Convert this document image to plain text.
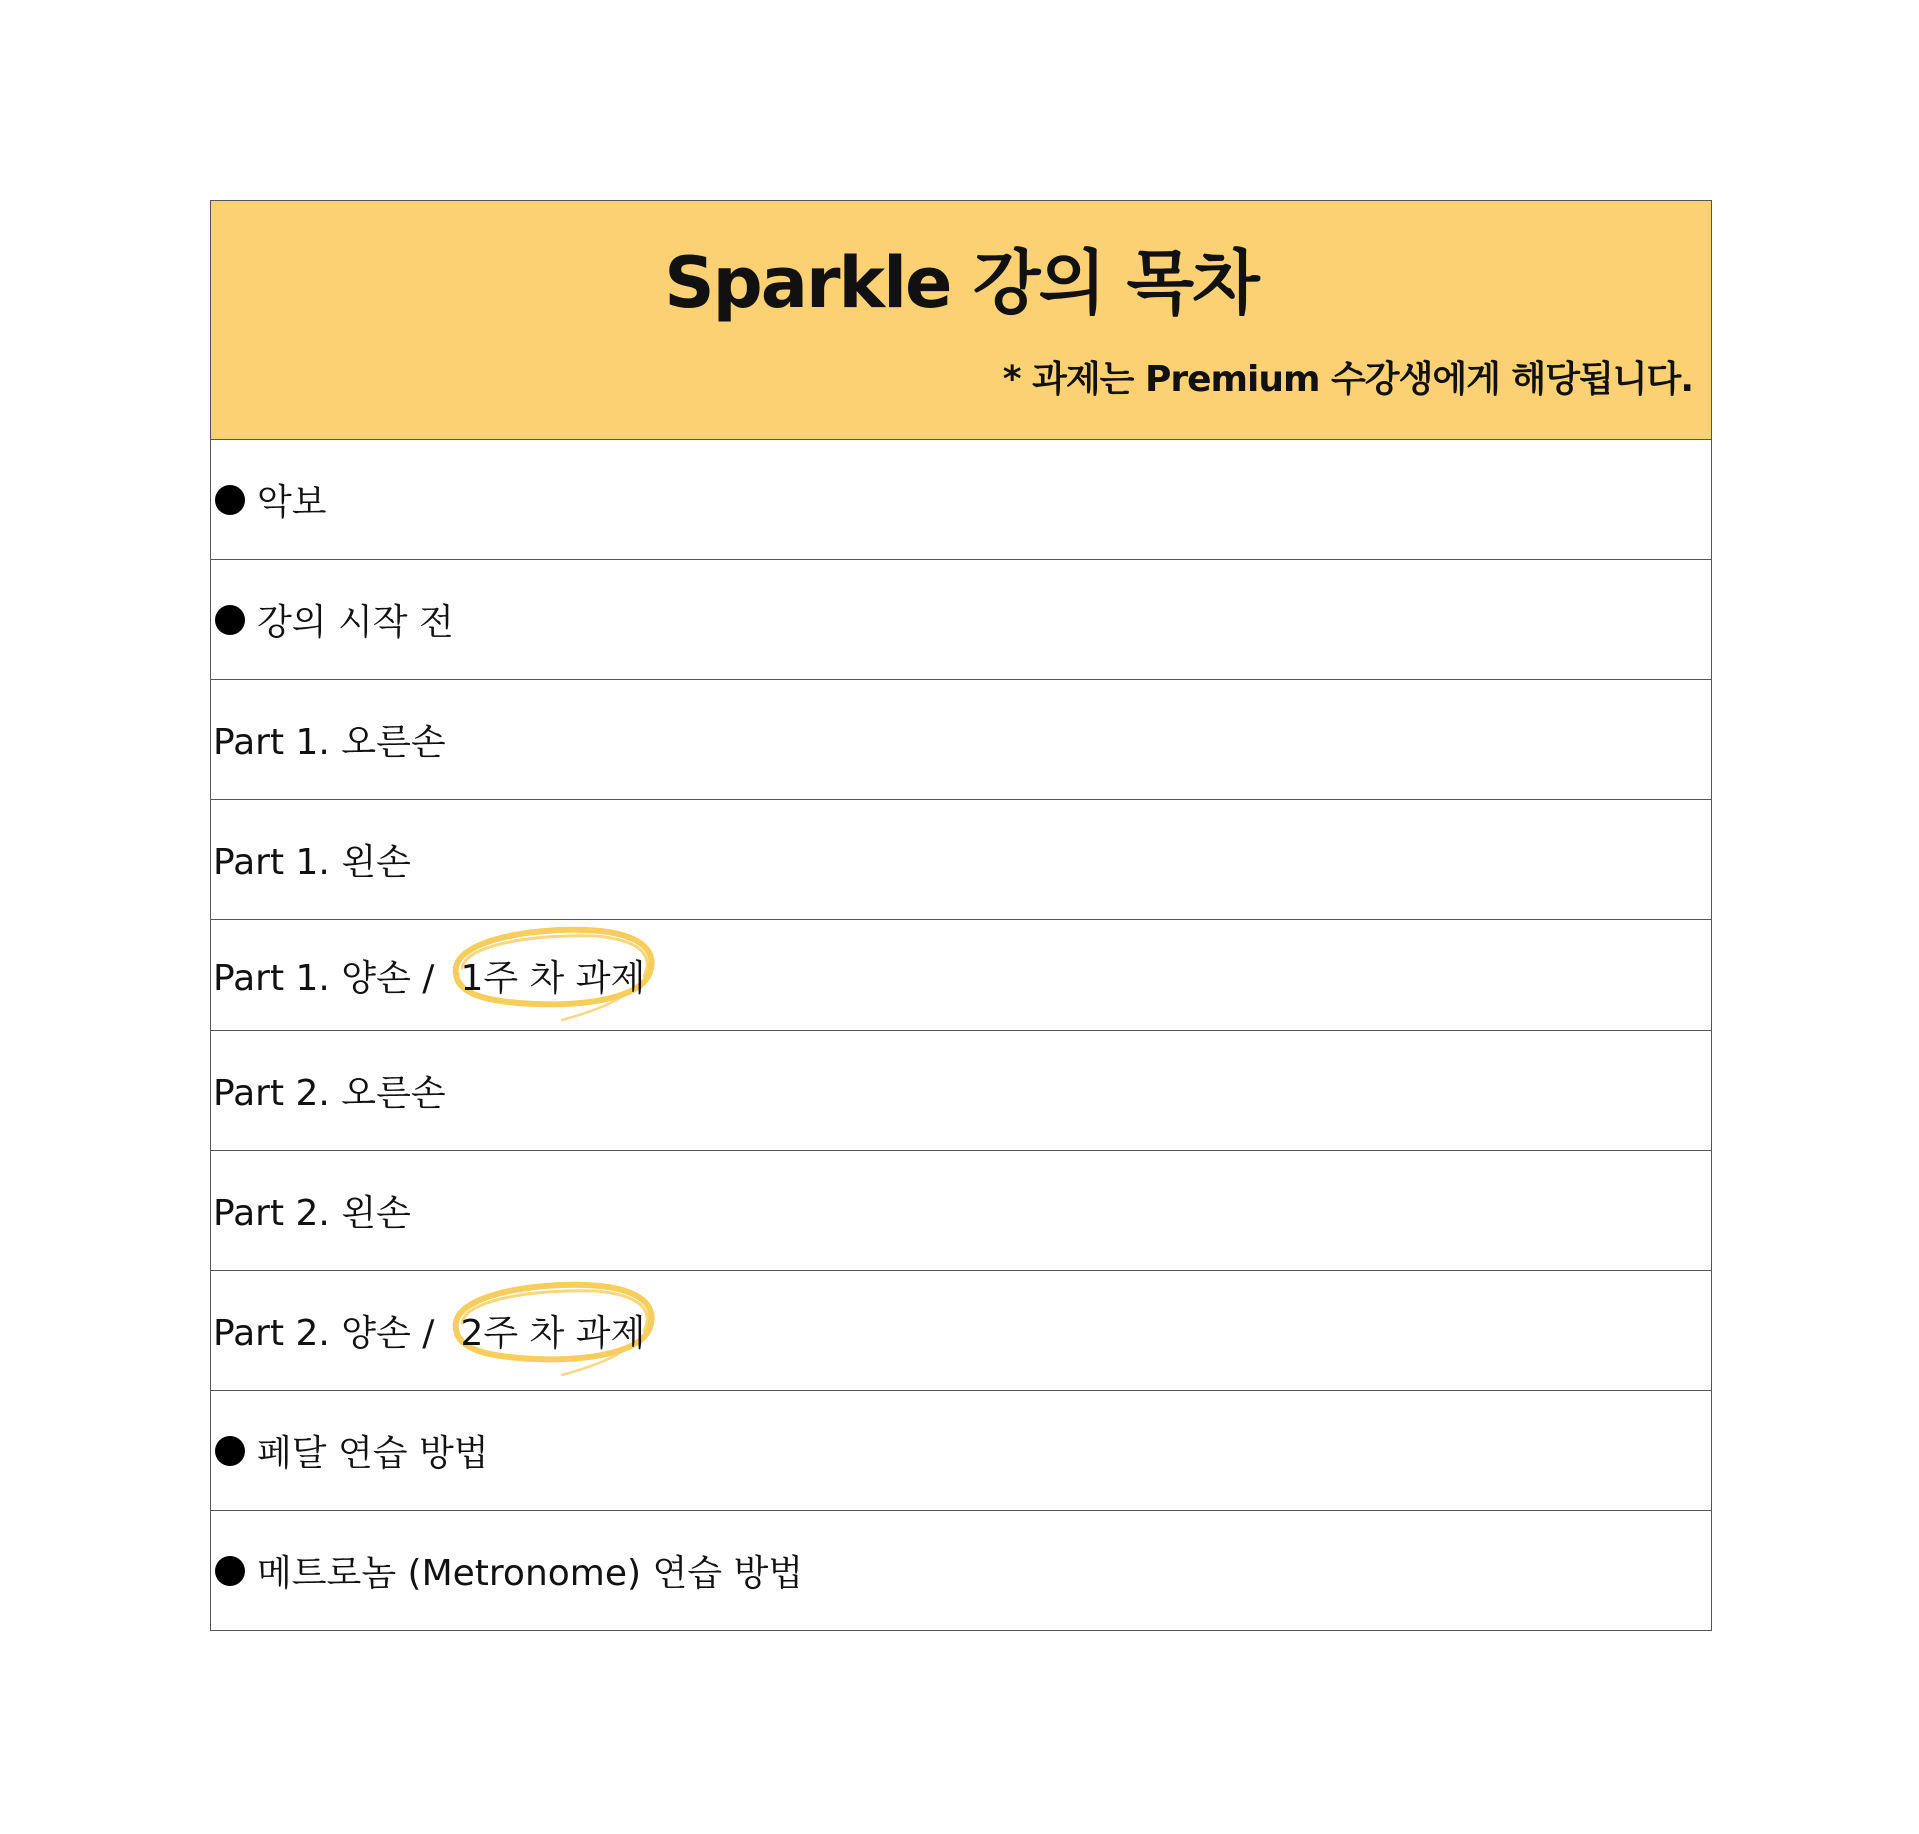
Sparkle 강의 목차
* 과제는 Premium 수강생에게 해당됩니다.
악보
강의 시작 전
Part 1. 오른손
Part 1. 왼손
Part 1. 양손 / 1주 차 과제
Part 2. 오른손
Part 2. 왼손
Part 2. 양손 / 2주 차 과제
페달 연습 방법
메트로놈 (Metronome) 연습 방법
